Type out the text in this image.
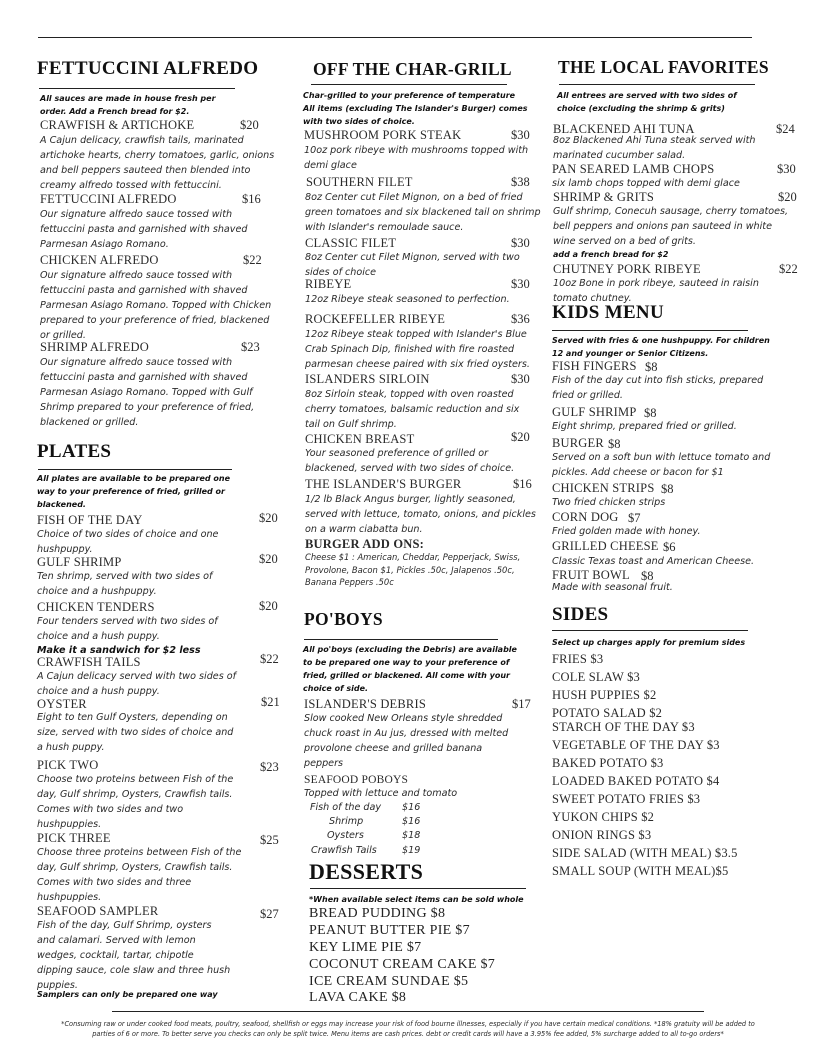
FETTUCCINI ALFREDO
All sauces are made in house fresh per order. Add a French bread for $2.
CRAWFISH & ARTICHOKE	$20
A Cajun delicacy, crawfish tails, marinated artichoke hearts, cherry tomatoes, garlic, onions and bell peppers sauteed then blended into creamy alfredo tossed with fettuccini.
FETTUCCINI ALFREDO	$16
Our signature alfredo sauce tossed with fettuccini pasta and garnished with shaved Parmesan Asiago Romano.
CHICKEN ALFREDO	$22
Our signature alfredo sauce tossed with fettuccini pasta and garnished with shaved Parmesan Asiago Romano. Topped with Chicken prepared to your preference of fried, blackened or grilled.
SHRIMP ALFREDO	$23
Our signature alfredo sauce tossed with fettuccini pasta and garnished with shaved Parmesan Asiago Romano. Topped with Gulf Shrimp prepared to your preference of fried, blackened or grilled.
PLATES
All plates are available to be prepared one way to your preference of fried, grilled or blackened.
FISH OF THE DAY	$20
Choice of two sides of choice and one hushpuppy.
GULF SHRIMP	$20
Ten shrimp, served with two sides of choice and a hushpuppy.
CHICKEN TENDERS	$20
Four tenders served with two sides of choice and a hush puppy.
Make it a sandwich for $2 less
CRAWFISH TAILS	$22
A Cajun delicacy served with two sides of choice and a hush puppy.
OYSTER	$21
Eight to ten Gulf Oysters, depending on size, served with two sides of choice and a hush puppy.
PICK TWO	$23
Choose two proteins between Fish of the day, Gulf shrimp, Oysters, Crawfish tails. Comes with two sides and two hushpuppies.
PICK THREE	$25
Choose three proteins between Fish of the day, Gulf shrimp, Oysters, Crawfish tails. Comes with two sides and three hushpuppies.
SEAFOOD SAMPLER	$27
Fish of the day, Gulf Shrimp, oysters and calamari. Served with lemon wedges, cocktail, tartar, chipotle dipping sauce, cole slaw and three hush puppies.
Samplers can only be prepared one way
OFF THE CHAR-GRILL
Char-grilled to your preference of temperature All items (excluding The Islander's Burger) comes with two sides of choice.
MUSHROOM PORK STEAK	$30
10oz pork ribeye with mushrooms topped with demi glace
SOUTHERN FILET	$38
8oz Center cut Filet Mignon, on a bed of fried green tomatoes and six blackened tail on shrimp with Islander's remoulade sauce.
CLASSIC FILET	$30
8oz Center cut Filet Mignon, served with two sides of choice
RIBEYE	$30
12oz Ribeye steak seasoned to perfection.
ROCKEFELLER RIBEYE	$36
12oz Ribeye steak topped with Islander's Blue Crab Spinach Dip, finished with fire roasted parmesan cheese paired with six fried oysters.
ISLANDERS SIRLOIN	$30
8oz Sirloin steak, topped with oven roasted cherry tomatoes, balsamic reduction and six tail on Gulf shrimp.
CHICKEN BREAST	$20
Your seasoned preference of grilled or blackened, served with two sides of choice.
THE ISLANDER'S BURGER	$16
1/2 lb Black Angus burger, lightly seasoned, served with lettuce, tomato, onions, and pickles on a warm ciabatta bun.
BURGER ADD ONS:
Cheese $1 : American, Cheddar, Pepperjack, Swiss, Provolone, Bacon $1, Pickles .50c, Jalapenos .50c, Banana Peppers .50c
PO'BOYS
All po'boys (excluding the Debris) are available to be prepared one way to your preference of fried, grilled or blackened. All come with your choice of side.
ISLANDER'S DEBRIS	$17
Slow cooked New Orleans style shredded chuck roast in Au jus, dressed with melted provolone cheese and grilled banana peppers
SEAFOOD POBOYS
Topped with lettuce and tomato
Fish of the day $16
Shrimp	$16
Oysters	$18
Crawfish Tails	$19
DESSERTS
*When available select items can be sold whole
BREAD PUDDING $8
PEANUT BUTTER PIE $7
KEY LIME PIE $7
COCONUT CREAM CAKE $7
ICE CREAM SUNDAE $5
LAVA CAKE $8
THE LOCAL FAVORITES
All entrees are served with two sides of choice (excluding the shrimp & grits)
BLACKENED AHI TUNA	$24
8oz Blackened Ahi Tuna steak served with marinated cucumber salad.
PAN SEARED LAMB CHOPS	$30
six lamb chops topped with demi glace
SHRIMP & GRITS	$20
Gulf shrimp, Conecuh sausage, cherry tomatoes, bell peppers and onions pan sauteed in white wine served on a bed of grits.
add a french bread for $2
CHUTNEY PORK RIBEYE	$22
10oz Bone in pork ribeye, sauteed in raisin tomato chutney.
KIDS MENU
Served with fries & one hushpuppy. For children 12 and younger or Senior Citizens.
FISH FINGERS $8
Fish of the day cut into fish sticks, prepared fried or grilled.
GULF SHRIMP $8
Eight shrimp, prepared fried or grilled.
BURGER $8
Served on a soft bun with lettuce tomato and pickles. Add cheese or bacon for $1
CHICKEN STRIPS $8
Two fried chicken strips
CORN DOG $7
Fried golden made with honey.
GRILLED CHEESE $6
Classic Texas toast and American Cheese.
FRUIT BOWL $8
Made with seasonal fruit.
SIDES
Select up charges apply for premium sides
FRIES $3
COLE SLAW $3
HUSH PUPPIES $2
POTATO SALAD $2
STARCH OF THE DAY $3
VEGETABLE OF THE DAY $3
BAKED POTATO $3
LOADED BAKED POTATO $4
SWEET POTATO FRIES $3
YUKON CHIPS $2
ONION RINGS $3
SIDE SALAD (WITH MEAL) $3.5
SMALL SOUP (WITH MEAL)$5
*Consuming raw or under cooked food meats, poultry, seafood, shellfish or eggs may increase your risk of food bourne illnesses, especially if you have certain medical conditions. *18% gratuity will be added to
parties of 6 or more. To better serve you checks can only be split twice. Menu items are cash prices. debt or credit cards will have a 3.95% fee added, 5% surcharge added to all to-go orders*
